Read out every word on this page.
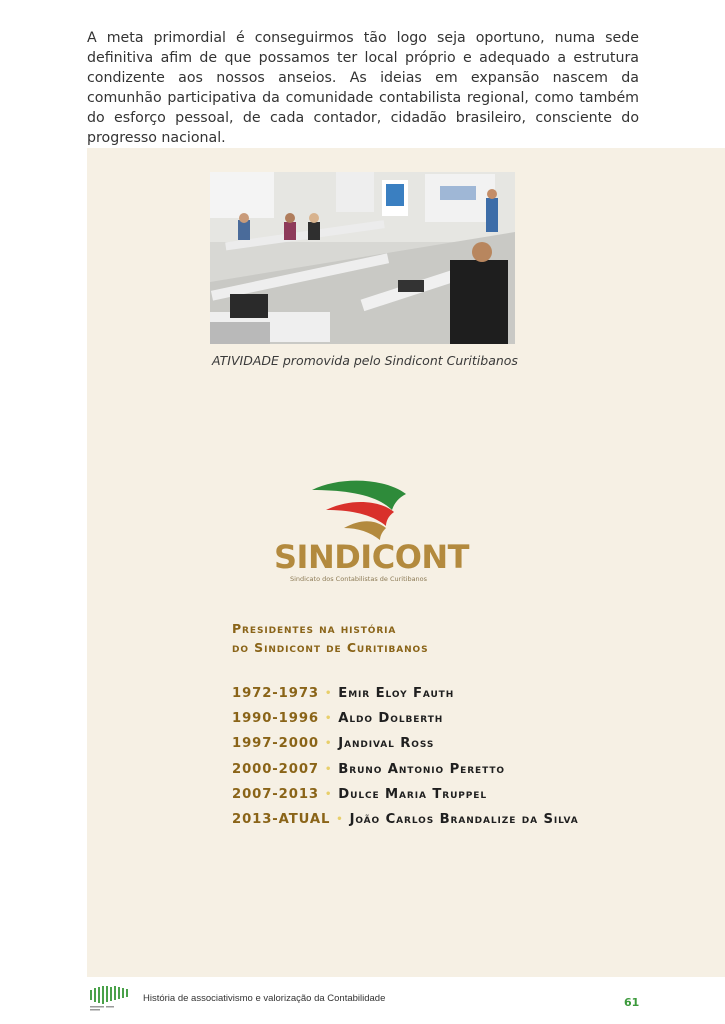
A meta primordial é conseguirmos tão logo seja oportuno, numa sede definitiva afim de que possamos ter local próprio e adequado a estrutura condizente aos nossos anseios. As ideias em expansão nascem da comunhão participativa da comunidade contabilista regional, como também do esforço pessoal, de cada contador, cidadão brasileiro, consciente do progresso nacional.

ATIVIDADE promovida pelo Sindicont Curitibanos
SINDICONT
Sindicato dos Contabilistas de Curitibanos
Presidentes na história
do Sindicont de Curitibanos
1972-1973 • Emir Eloy Fauth
1990-1996 • Aldo Dolberth
1997-2000 • Jandival Ross
2000-2007 • Bruno Antonio Peretto
2007-2013 • Dulce Maria Truppel
2013-ATUAL • João Carlos Brandalize da Silva
História de associativismo e valorização da Contabilidade	61
